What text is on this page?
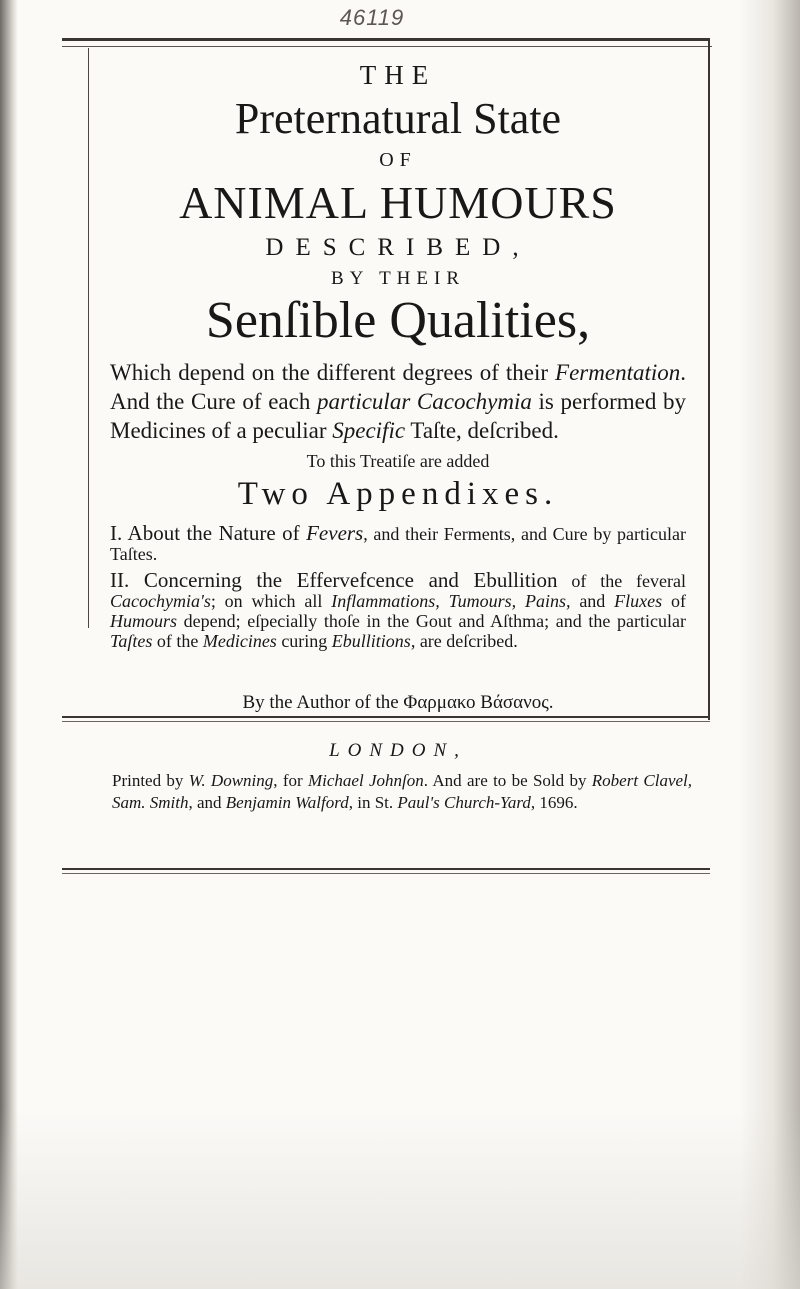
46119
THE
Preternatural State
OF
ANIMAL HUMOURS
DESCRIBED,
BY THEIR
Senſible Qualities,
Which depend on the different degrees of their Fermentation. And the Cure of each particular Cacochymia is performed by Medicines of a peculiar Specific Taſte, deſcribed.
To this Treatiſe are added
Two Appendixes.
I. About the Nature of Fevers, and their Ferments, and Cure by particular Taſtes.
II. Concerning the Effervefcence and Ebullition of the feveral Cacochymia's; on which all Inflammations, Tumours, Pains, and Fluxes of Humours depend; eſpecially thoſe in the Gout and Aſthma; and the particular Taſtes of the Medicines curing Ebullitions, are deſcribed.
By the Author of the Φαρμακο Βάσανος.
LONDON,
Printed by W. Downing, for Michael Johnſon. And are to be Sold by Robert Clavel, Sam. Smith, and Benjamin Walford, in St. Paul's Church-Yard, 1696.
